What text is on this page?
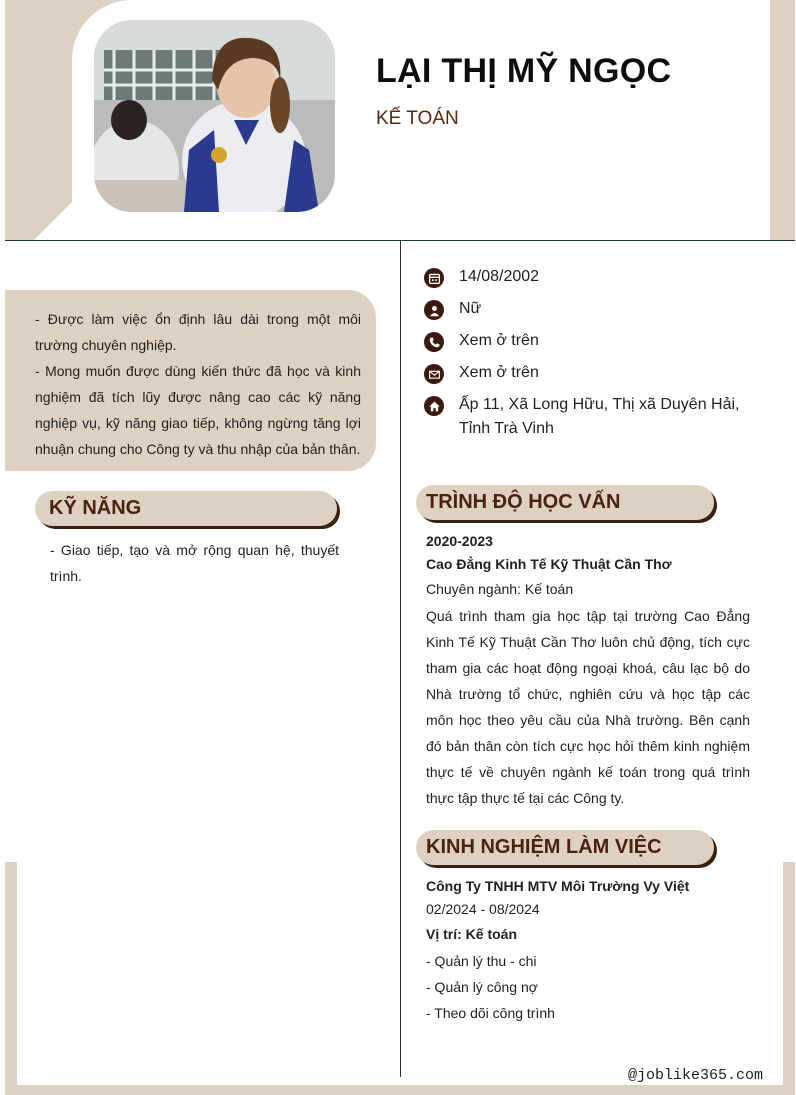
LẠI THỊ MỸ NGỌC
KẾ TOÁN

- Được làm việc ổn định lâu dài trong một môi trường chuyên nghiệp.

- Mong muốn được dùng kiến thức đã học và kinh nghiệm đã tích lũy được nâng cao các kỹ năng nghiệp vụ, kỹ năng giao tiếp, không ngừng tăng lợi nhuận chung cho Công ty và thu nhập của bản thân.

KỸ NĂNG
- Giao tiếp, tạo và mở rộng quan hệ, thuyết trình.
14/08/2002
Nữ
Xem ở trên
Xem ở trên
Ấp 11, Xã Long Hữu, Thị xã Duyên Hải, Tỉnh Trà Vinh
TRÌNH ĐỘ HỌC VẤN
2020-2023
Cao Đẳng Kinh Tế Kỹ Thuật Cần Thơ
Chuyên ngành: Kế toán
Quá trình tham gia học tập tại trường Cao Đẳng Kinh Tế Kỹ Thuật Cần Thơ luôn chủ động, tích cực tham gia các hoạt động ngoại khoá, câu lạc bộ do Nhà trường tổ chức, nghiên cứu và học tập các môn học theo yêu cầu của Nhà trường. Bên cạnh đó bản thân còn tích cực học hỏi thêm kinh nghiệm thực tế về chuyên ngành kế toán trong quá trình thực tập thực tế tại các Công ty.
KINH NGHIỆM LÀM VIỆC
Công Ty TNHH MTV Môi Trường Vy Việt
02/2024 - 08/2024
Vị trí: Kế toán
- Quản lý thu - chi
- Quản lý công nợ
- Theo dõi công trình
@joblike365.com
